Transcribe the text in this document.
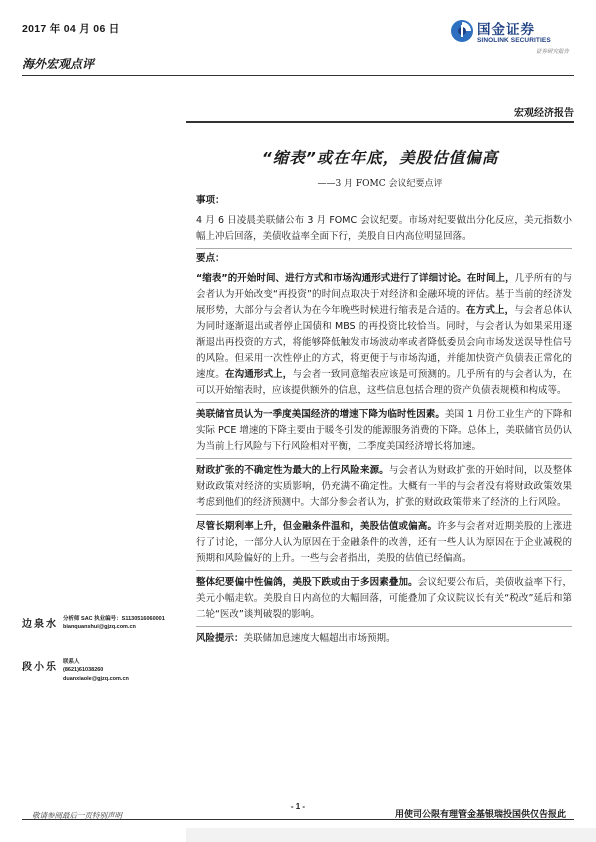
2017 年 04 月 06 日	国金证券
SINOLINK SECURITIES
证券研究报告
海外宏观点评
宏观经济报告
“缩表”或在年底，美股估值偏高
——3 月 FOMC 会议纪要点评
事项：

4 月 6 日凌晨美联储公布 3 月 FOMC 会议纪要。市场对纪要做出分化反应，美元指数小幅上冲后回落，美债收益率全面下行，美股自日内高位明显回落。

要点：

“缩表”的开始时间、进行方式和市场沟通形式进行了详细讨论。在时间上，几乎所有的与会者认为开始改变“再投资”的时间点取决于对经济和金融环境的评估。基于当前的经济发展形势，大部分与会者认为在今年晚些时候进行缩表是合适的。在方式上，与会者总体认为同时逐渐退出或者停止国债和 MBS 的再投资比较恰当。同时，与会者认为如果采用逐渐退出再投资的方式，将能够降低触发市场波动率或者降低委员会向市场发送误导性信号的风险。但采用一次性停止的方式，将更便于与市场沟通，并能加快资产负债表正常化的速度。在沟通形式上，与会者一致同意缩表应该是可预测的。几乎所有的与会者认为，在可以开始缩表时，应该提供额外的信息，这些信息包括合理的资产负债表规模和构成等。

美联储官员认为一季度美国经济的增速下降为临时性因素。美国 1 月份工业生产的下降和实际 PCE 增速的下降主要由于暖冬引发的能源服务消费的下降。总体上，美联储官员仍认为当前上行风险与下行风险相对平衡，二季度美国经济增长将加速。

财政扩张的不确定性为最大的上行风险来源。与会者认为财政扩张的开始时间，以及整体财政政策对经济的实质影响，仍充满不确定性。大概有一半的与会者没有将财政政策效果考虑到他们的经济预测中。大部分参会者认为，扩张的财政政策带来了经济的上行风险。

尽管长期利率上升，但金融条件温和，美股估值或偏高。许多与会者对近期美股的上涨进行了讨论，一部分人认为原因在于金融条件的改善，还有一些人认为原因在于企业减税的预期和风险偏好的上升。一些与会者指出，美股的估值已经偏高。

整体纪要偏中性偏鸽，美股下跌或由于多因素叠加。会议纪要公布后，美债收益率下行，美元小幅走软。美股自日内高位的大幅回落，可能叠加了众议院议长有关“税改”延后和第二轮“医改”谈判破裂的影响。

风险提示：美联储加息速度大幅超出市场预期。

边泉水 分析师 SAC 执业编号：S1130516060001
bianquanshui@gjzq.com.cn
段小乐 联系人
(8621)61038260
duanxiaole@gjzq.com.cn
- 1 -
敬请参阅最后一页特别声明	用使司公限有理管金基银瑞投国供仅告报此
